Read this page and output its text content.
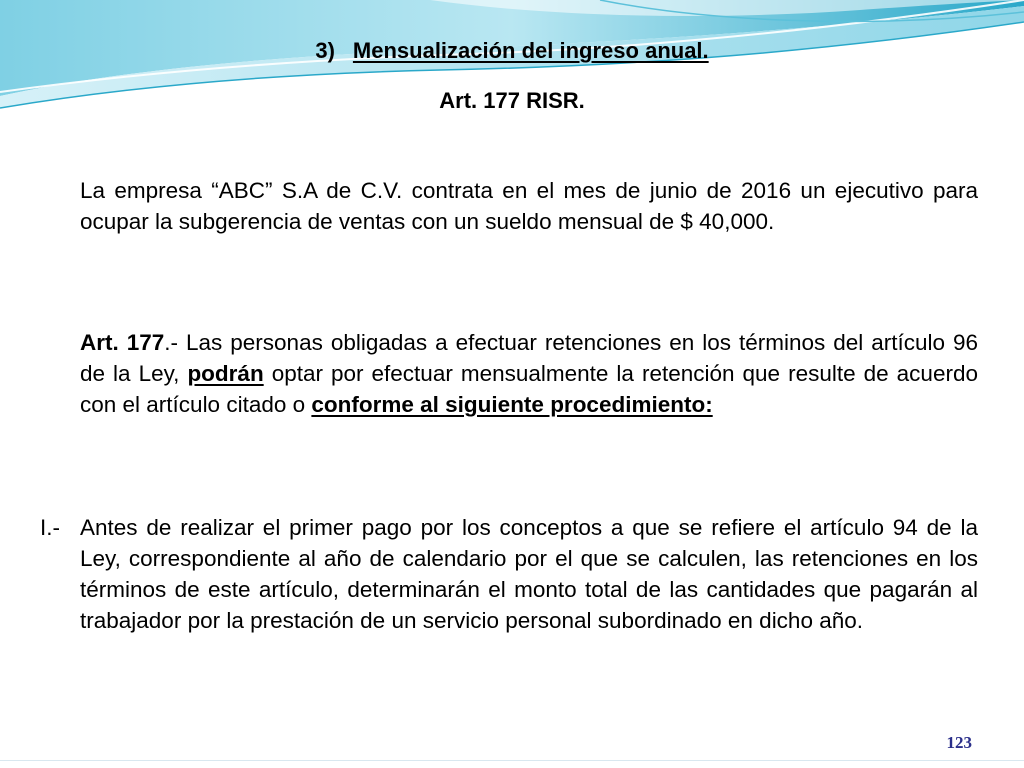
3) Mensualización del ingreso anual.
Art. 177 RISR.

La empresa “ABC” S.A de C.V. contrata en el mes de junio de 2016 un ejecutivo para ocupar la subgerencia de ventas con un sueldo mensual de $ 40,000.

Art. 177.- Las personas obligadas a efectuar retenciones en los términos del artículo 96 de la Ley, podrán optar por efectuar mensualmente la retención que resulte de acuerdo con el artículo citado o conforme al siguiente procedimiento:

I.- Antes de realizar el primer pago por los conceptos a que se refiere el artículo 94 de la Ley, correspondiente al año de calendario por el que se calculen, las retenciones en los términos de este artículo, determinarán el monto total de las cantidades que pagarán al trabajador por la prestación de un servicio personal subordinado en dicho año.

123
